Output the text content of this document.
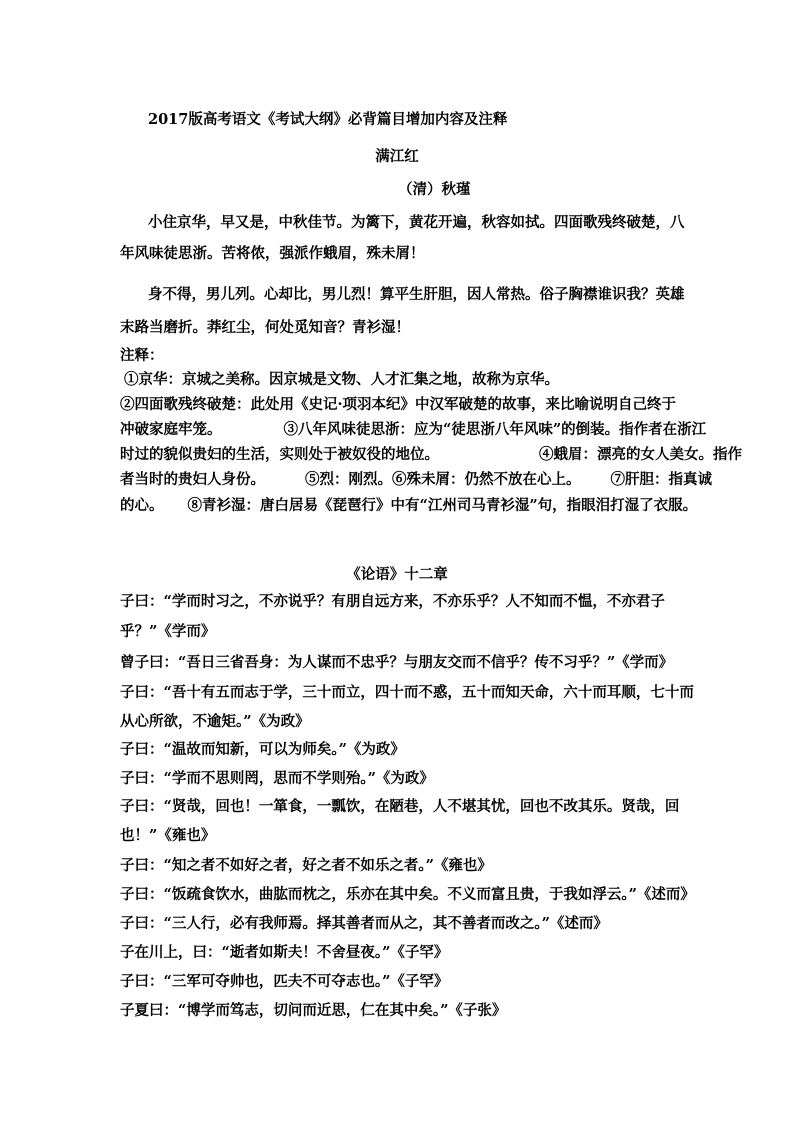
2017版高考语文《考试大纲》必背篇目增加内容及注释
满江红
（清）秋瑾
小住京华，早又是，中秋佳节。为篱下，黄花开遍，秋容如拭。四面歌残终破楚，八
年风味徒思浙。苦将侬，强派作蛾眉，殊未屑！
身不得，男儿列。心却比，男儿烈！算平生肝胆，因人常热。俗子胸襟谁识我？英雄
末路当磨折。莽红尘，何处觅知音？青衫湿！
注释：
①京华：京城之美称。因京城是文物、人才汇集之地，故称为京华。
②四面歌残终破楚：此处用《史记·项羽本纪》中汉军破楚的故事，来比喻说明自己终于
冲破家庭牢笼。	③八年风味徒思浙：应为“徒思浙八年风味”的倒装。指作者在浙江
时过的貌似贵妇的生活，实则处于被奴役的地位。	④蛾眉：漂亮的女人美女。指作
者当时的贵妇人身份。	⑤烈：刚烈。⑥殊未屑：仍然不放在心上。 ⑦肝胆：指真诚
的心。 ⑧青衫湿：唐白居易《琵琶行》中有“江州司马青衫湿”句，指眼泪打湿了衣服。
《论语》十二章
子曰：“学而时习之，不亦说乎？有朋自远方来，不亦乐乎？人不知而不愠，不亦君子
乎？”《学而》
曾子曰：“吾日三省吾身：为人谋而不忠乎？与朋友交而不信乎？传不习乎？”《学而》
子曰：“吾十有五而志于学，三十而立，四十而不惑，五十而知天命，六十而耳顺，七十而
从心所欲，不逾矩。”《为政》
子曰：“温故而知新，可以为师矣。”《为政》
子曰：“学而不思则罔，思而不学则殆。”《为政》
子曰：“贤哉，回也！一箪食，一瓢饮，在陋巷，人不堪其忧，回也不改其乐。贤哉，回
也！”《雍也》
子曰：“知之者不如好之者，好之者不如乐之者。”《雍也》
子曰：“饭疏食饮水，曲肱而枕之，乐亦在其中矣。不义而富且贵，于我如浮云。”《述而》
子曰：“三人行，必有我师焉。择其善者而从之，其不善者而改之。”《述而》
子在川上，曰：“逝者如斯夫！不舍昼夜。”《子罕》
子曰：“三军可夺帅也，匹夫不可夺志也。”《子罕》
子夏曰：“博学而笃志，切问而近思，仁在其中矣。”《子张》
